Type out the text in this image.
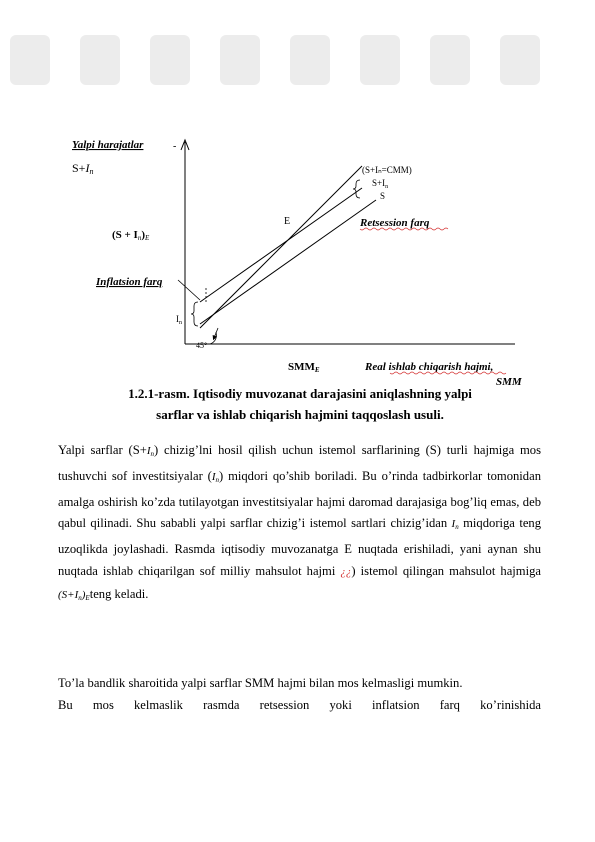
Yalpi harajatlar	-
S+In
(S + In)E
(S+Iₙ=CMM)
$S+I_n$
S
E	Retsession farq
Inflatsion farq
$I_n$
45°
SMME	Real ishlab chiqarish hajmi,
SMM
1.2.1-rasm. Iqtisodiy muvozanat darajasini aniqlashning yalpi
sarflar va ishlab chiqarish hajmini taqqoslash usuli.
Yalpi sarflar $(S+I_n)$ chizig’lni hosil qilish uchun istemol sarflarining (S) turli hajmiga mos tushuvchi sof investitsiyalar $(I_n)$ miqdori qo’shib boriladi. Bu o’rinda tadbirkorlar tomonidan amalga oshirish ko’zda tutilayotgan investitsiyalar hajmi daromad darajasiga bog’liq emas, deb qabul qilinadi. Shu sababli yalpi sarflar chizig’i istemol sartlari chizig’idan $I_n$ miqdoriga teng uzoqlikda joylashadi. Rasmda iqtisodiy muvozanatga E nuqtada erishiladi, yani aynan shu nuqtada ishlab chiqarilgan sof milliy mahsulot hajmi ¿¿) istemol qilingan mahsulot hajmiga $(S+I_n)_Eteng$ keladi.
To’la bandlik sharoitida yalpi sarflar SMM hajmi bilan mos kelmasligi mumkin.
Bu mos kelmaslik rasmda retsession yoki inflatsion farq ko’rinishida
